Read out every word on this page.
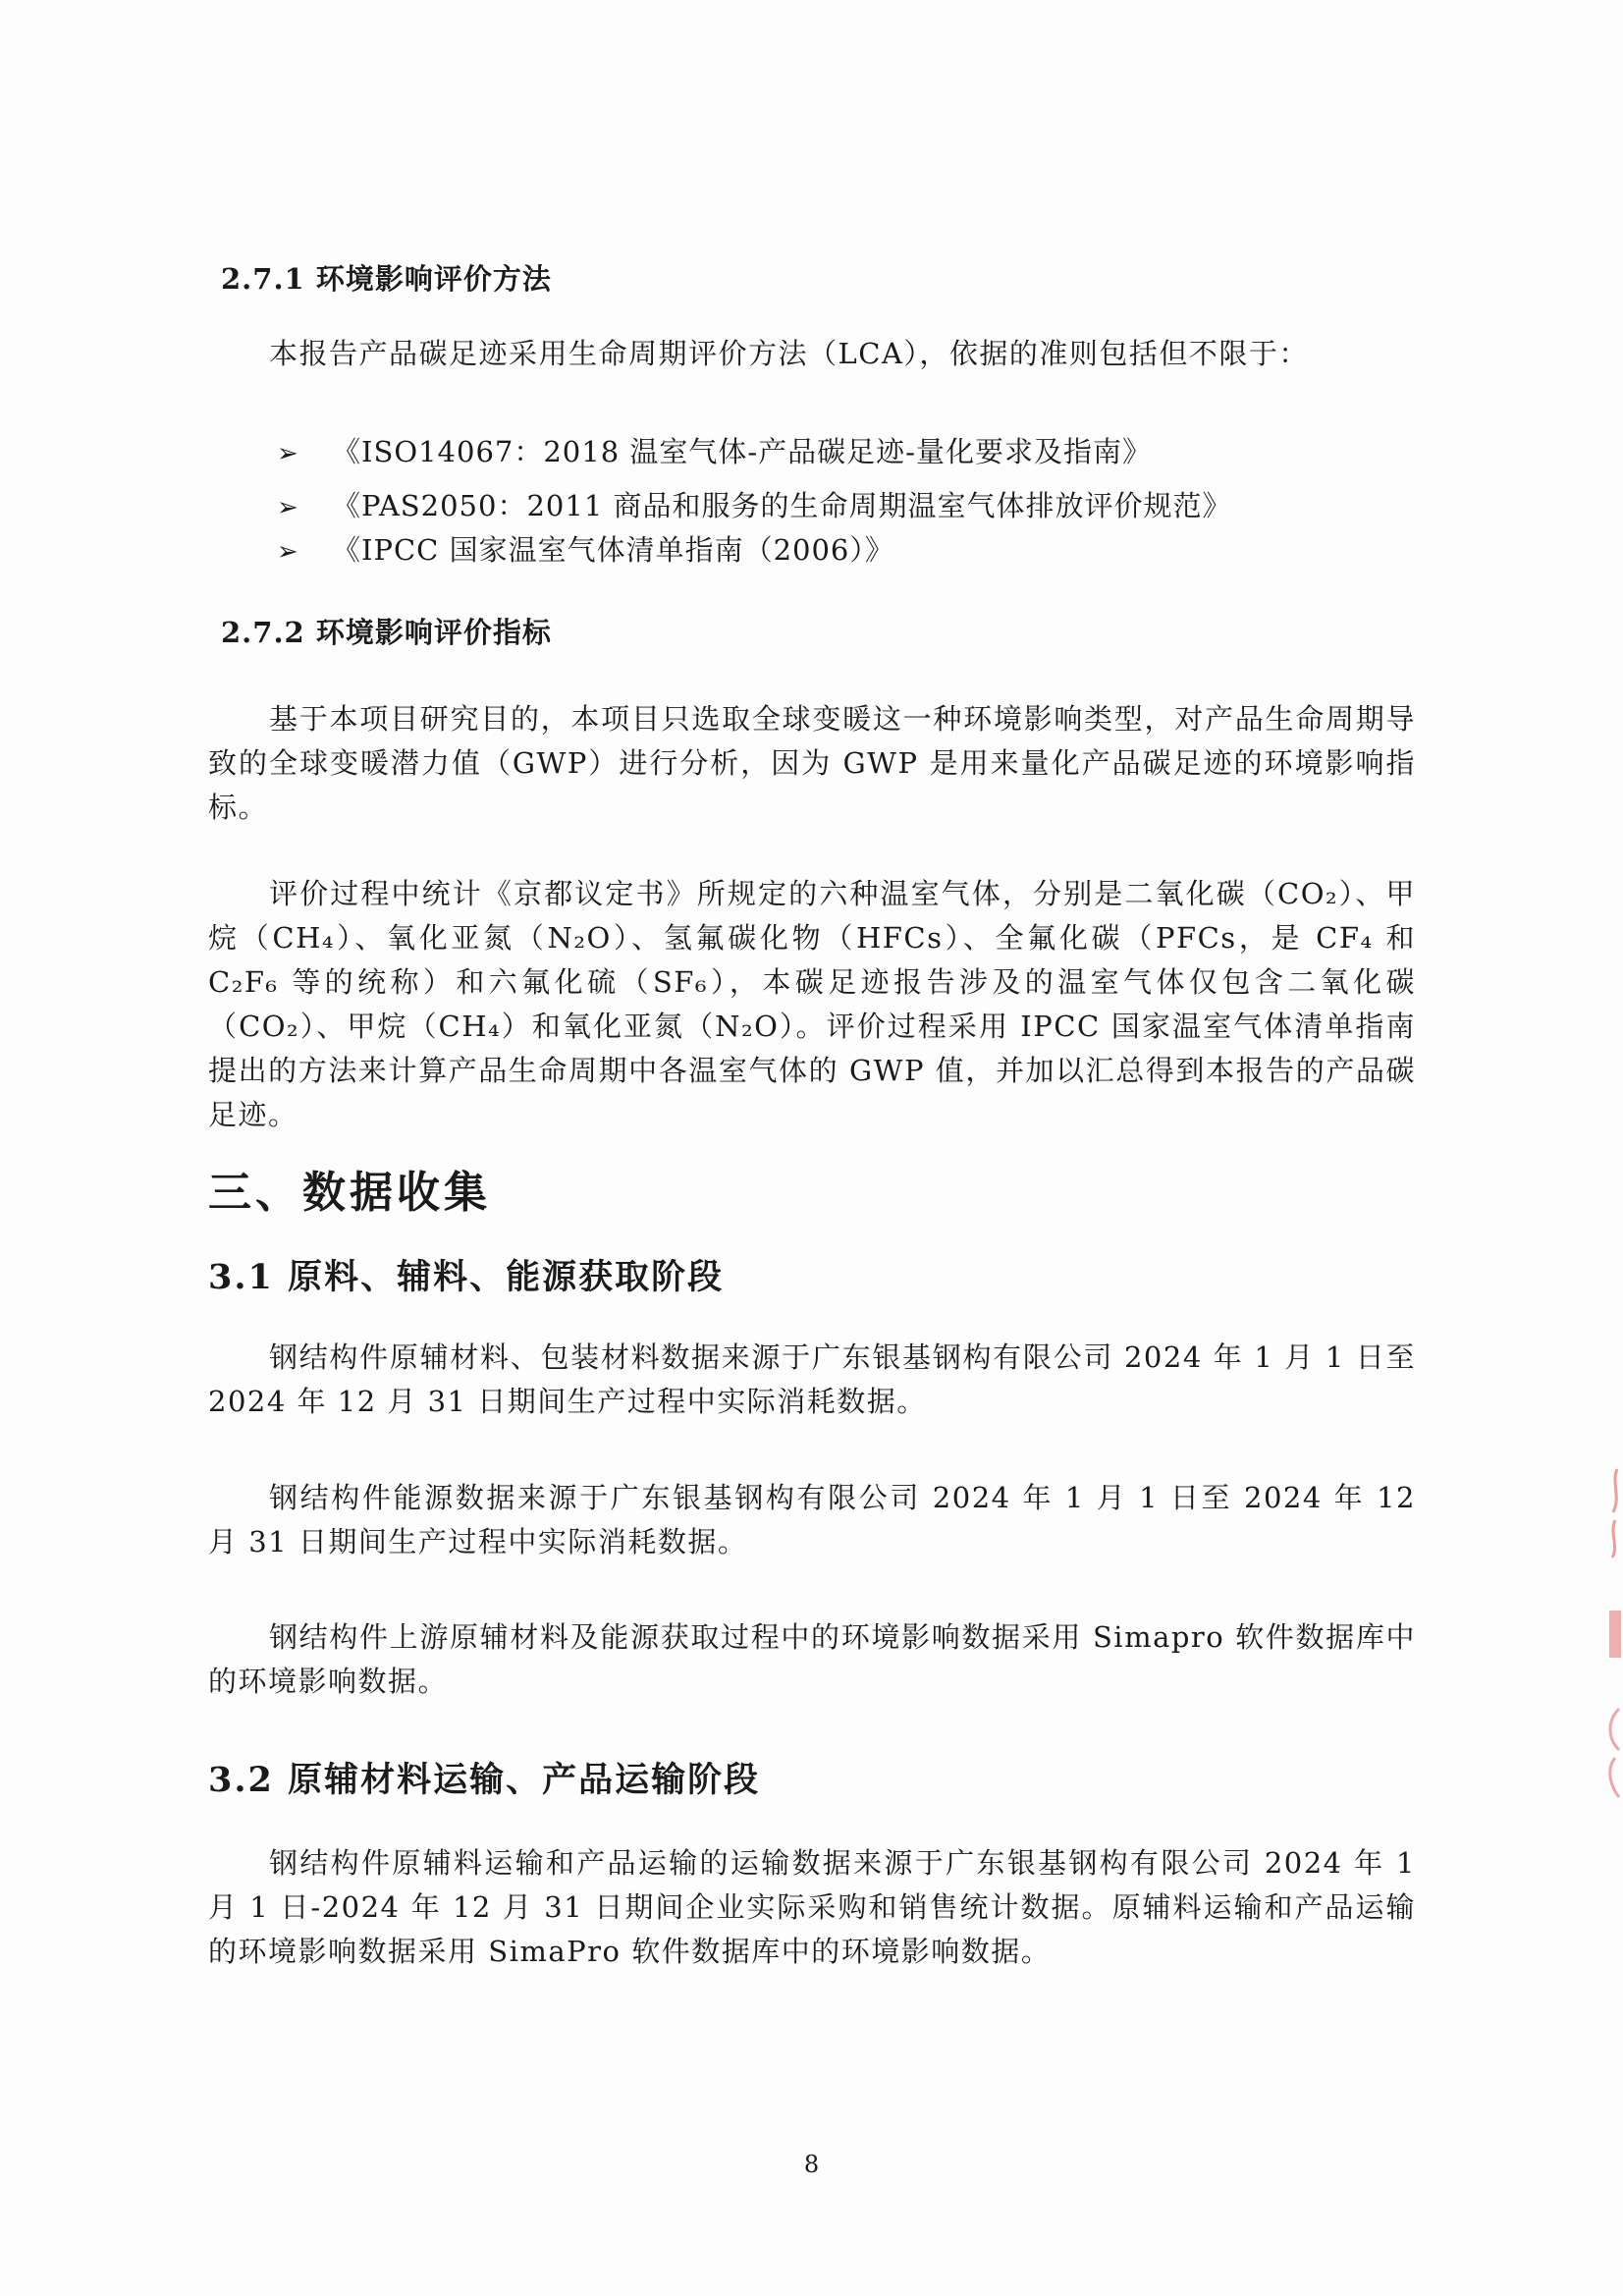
2.7.1 环境影响评价方法
本报告产品碳足迹采用生命周期评价方法（LCA），依据的准则包括但不限于：
➢ 《ISO14067：2018 温室气体-产品碳足迹-量化要求及指南》
➢ 《PAS2050：2011 商品和服务的生命周期温室气体排放评价规范》
➢ 《IPCC 国家温室气体清单指南（2006）》
2.7.2 环境影响评价指标
基于本项目研究目的，本项目只选取全球变暖这一种环境影响类型，对产品生命周期导致的全球变暖潜力值（GWP）进行分析，因为 GWP 是用来量化产品碳足迹的环境影响指标。
评价过程中统计《京都议定书》所规定的六种温室气体，分别是二氧化碳（CO₂）、甲烷（CH₄）、氧化亚氮（N₂O）、氢氟碳化物（HFCs）、全氟化碳（PFCs，是 CF₄ 和 C₂F₆ 等的统称）和六氟化硫（SF₆），本碳足迹报告涉及的温室气体仅包含二氧化碳（CO₂）、甲烷（CH₄）和氧化亚氮（N₂O）。评价过程采用 IPCC 国家温室气体清单指南提出的方法来计算产品生命周期中各温室气体的 GWP 值，并加以汇总得到本报告的产品碳足迹。
三、数据收集
3.1 原料、辅料、能源获取阶段
钢结构件原辅材料、包装材料数据来源于广东银基钢构有限公司 2024 年 1 月 1 日至 2024 年 12 月 31 日期间生产过程中实际消耗数据。
钢结构件能源数据来源于广东银基钢构有限公司 2024 年 1 月 1 日至 2024 年 12 月 31 日期间生产过程中实际消耗数据。
钢结构件上游原辅材料及能源获取过程中的环境影响数据采用 Simapro 软件数据库中的环境影响数据。
3.2 原辅材料运输、产品运输阶段
钢结构件原辅料运输和产品运输的运输数据来源于广东银基钢构有限公司 2024 年 1 月 1 日-2024 年 12 月 31 日期间企业实际采购和销售统计数据。原辅料运输和产品运输的环境影响数据采用 SimaPro 软件数据库中的环境影响数据。
8
